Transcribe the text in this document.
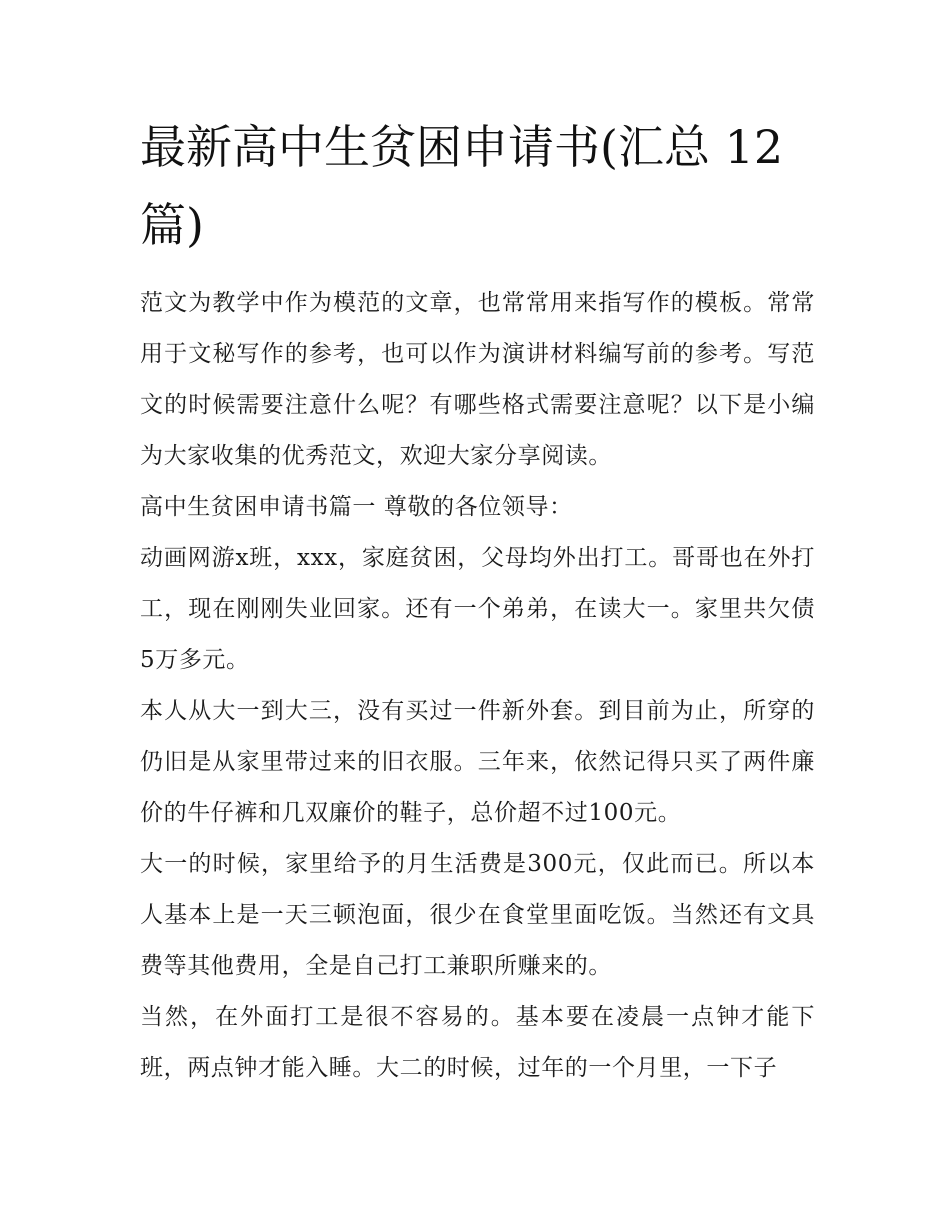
最新高中生贫困申请书(汇总 12篇)

范文为教学中作为模范的文章，也常常用来指写作的模板。常常用于文秘写作的参考，也可以作为演讲材料编写前的参考。写范文的时候需要注意什么呢？有哪些格式需要注意呢？以下是小编为大家收集的优秀范文，欢迎大家分享阅读。

高中生贫困申请书篇一 尊敬的各位领导：

动画网游x班，xxx，家庭贫困，父母均外出打工。哥哥也在外打工，现在刚刚失业回家。还有一个弟弟，在读大一。家里共欠债5万多元。

本人从大一到大三，没有买过一件新外套。到目前为止，所穿的仍旧是从家里带过来的旧衣服。三年来，依然记得只买了两件廉价的牛仔裤和几双廉价的鞋子，总价超不过100元。

大一的时候，家里给予的月生活费是300元，仅此而已。所以本人基本上是一天三顿泡面，很少在食堂里面吃饭。当然还有文具费等其他费用，全是自己打工兼职所赚来的。

当然，在外面打工是很不容易的。基本要在凌晨一点钟才能下班，两点钟才能入睡。大二的时候，过年的一个月里，一下子
